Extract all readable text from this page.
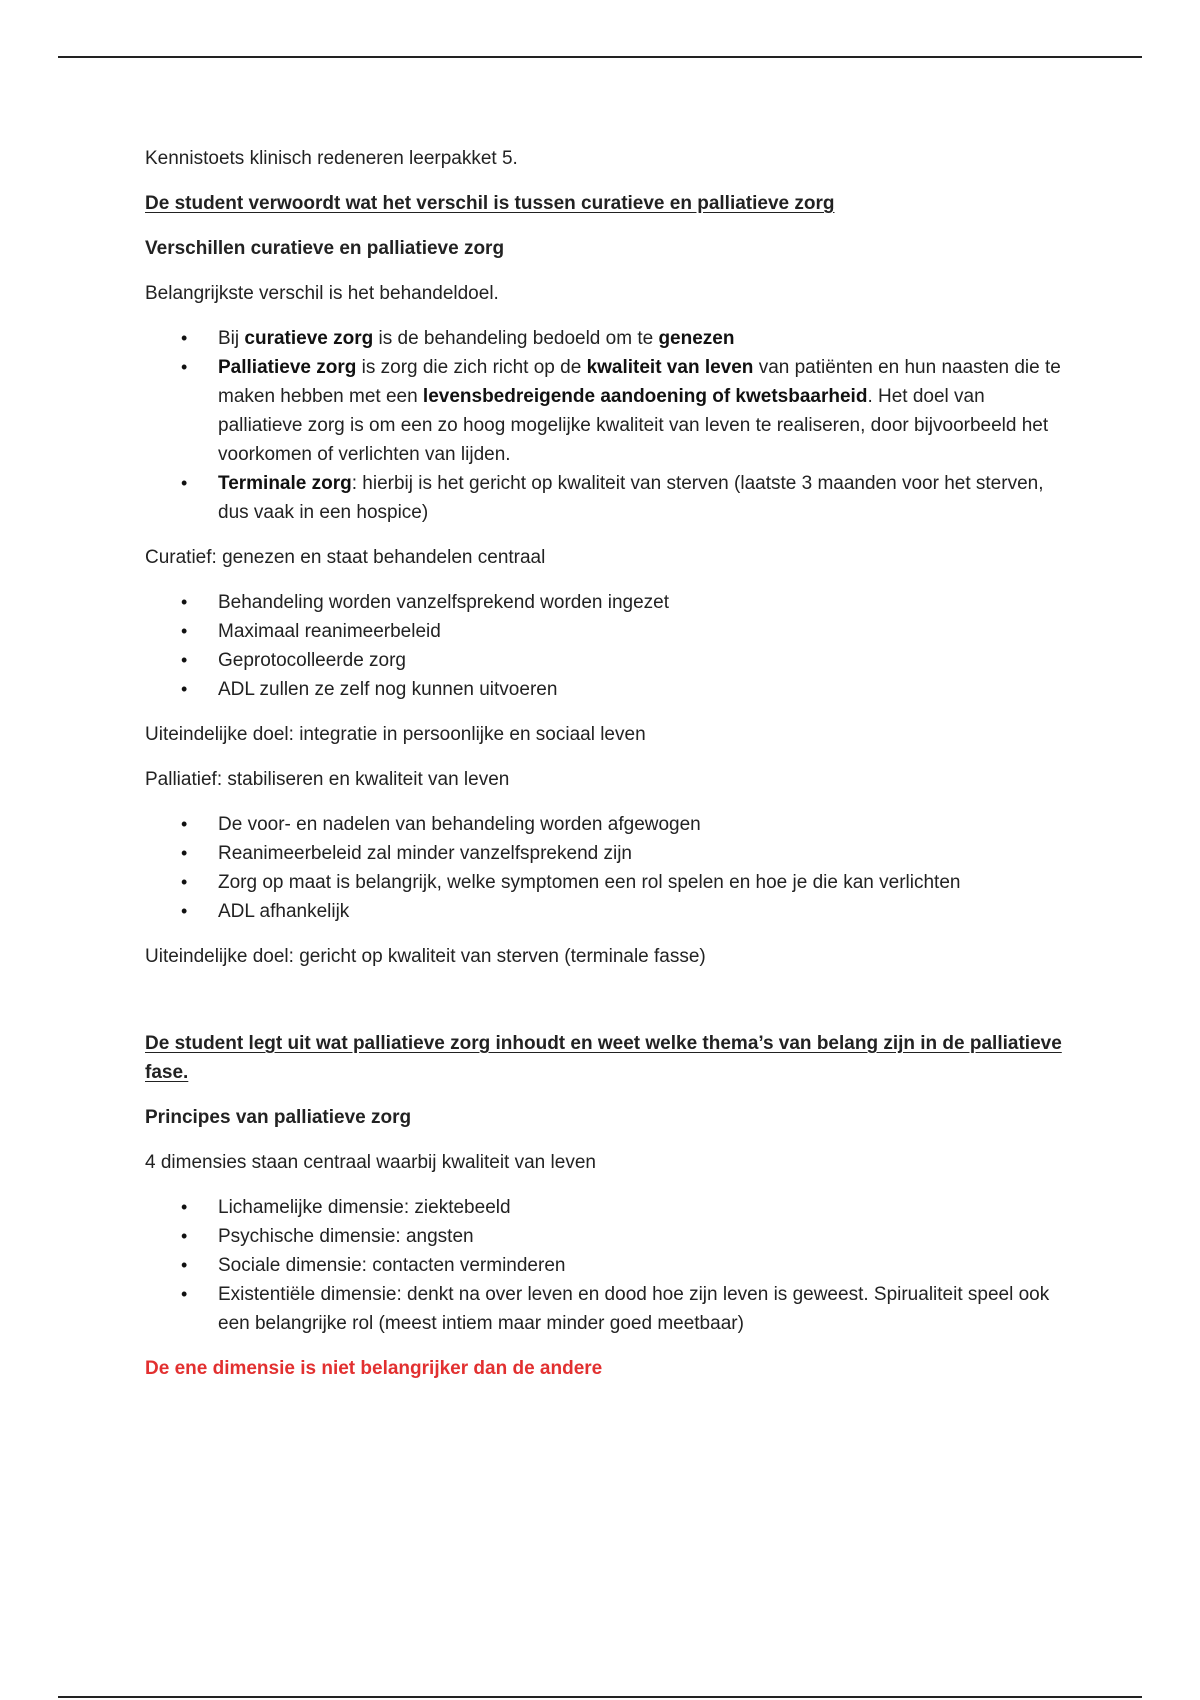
Kennistoets klinisch redeneren leerpakket 5.

De student verwoordt wat het verschil is tussen curatieve en palliatieve zorg

Verschillen curatieve en palliatieve zorg

Belangrijkste verschil is het behandeldoel.

• Bij curatieve zorg is de behandeling bedoeld om te genezen
• Palliatieve zorg is zorg die zich richt op de kwaliteit van leven van patiënten en hun naasten die te maken hebben met een levensbedreigende aandoening of kwetsbaarheid. Het doel van palliatieve zorg is om een zo hoog mogelijke kwaliteit van leven te realiseren, door bijvoorbeeld het voorkomen of verlichten van lijden.
• Terminale zorg: hierbij is het gericht op kwaliteit van sterven (laatste 3 maanden voor het sterven, dus vaak in een hospice)

Curatief: genezen en staat behandelen centraal

• Behandeling worden vanzelfsprekend worden ingezet
• Maximaal reanimeerbeleid
• Geprotocolleerde zorg
• ADL zullen ze zelf nog kunnen uitvoeren

Uiteindelijke doel: integratie in persoonlijke en sociaal leven

Palliatief: stabiliseren en kwaliteit van leven

• De voor- en nadelen van behandeling worden afgewogen
• Reanimeerbeleid zal minder vanzelfsprekend zijn
• Zorg op maat is belangrijk, welke symptomen een rol spelen en hoe je die kan verlichten
• ADL afhankelijk

Uiteindelijke doel: gericht op kwaliteit van sterven (terminale fasse)

De student legt uit wat palliatieve zorg inhoudt en weet welke thema’s van belang zijn in de palliatieve fase.

Principes van palliatieve zorg

4 dimensies staan centraal waarbij kwaliteit van leven

• Lichamelijke dimensie: ziektebeeld
• Psychische dimensie: angsten
• Sociale dimensie: contacten verminderen
• Existentiële dimensie: denkt na over leven en dood hoe zijn leven is geweest. Spirualiteit speel ook een belangrijke rol (meest intiem maar minder goed meetbaar)

De ene dimensie is niet belangrijker dan de andere
